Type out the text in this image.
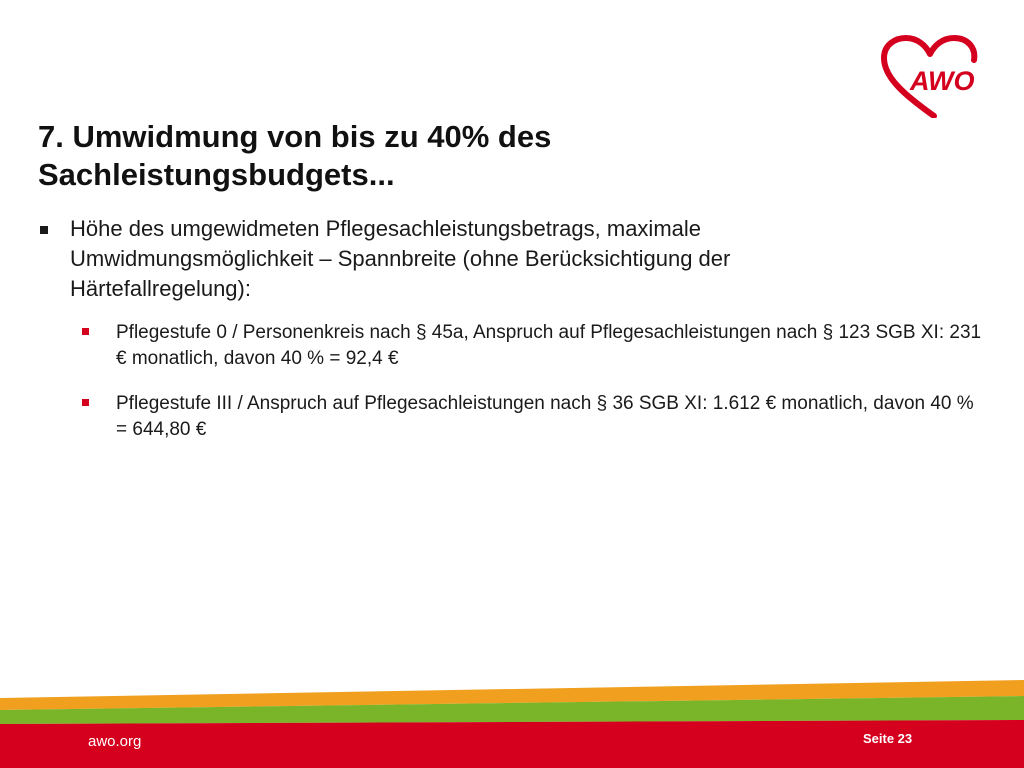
AWO
7. Umwidmung von bis zu 40% des
Sachleistungsbudgets...
Höhe des umgewidmeten Pflegesachleistungsbetrags, maximale Umwidmungsmöglichkeit – Spannbreite (ohne Berücksichtigung der Härtefallregelung):
Pflegestufe 0 / Personenkreis nach § 45a, Anspruch auf Pflegesachleistungen nach § 123 SGB XI: 231 € monatlich, davon 40 % = 92,4 €
Pflegestufe III / Anspruch auf Pflegesachleistungen nach § 36 SGB XI: 1.612 € monatlich, davon 40 % = 644,80 €
awo.org	Seite 23
